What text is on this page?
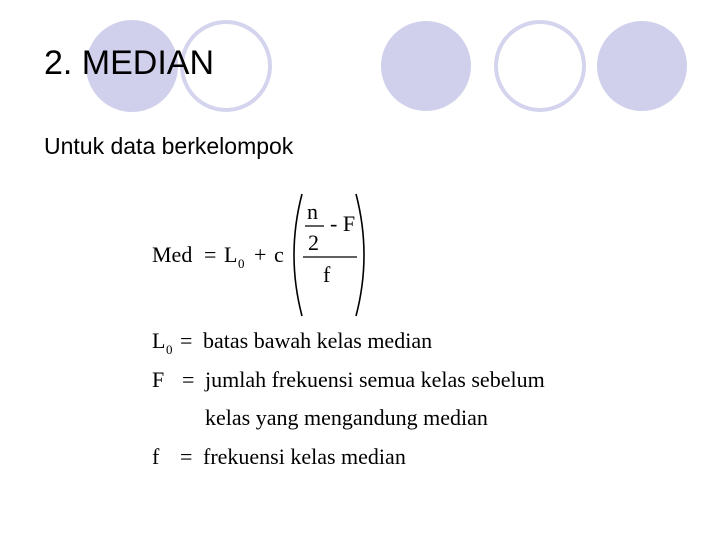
2. MEDIAN
Untuk data berkelompok
Med = L 0 + c
n
2
- F
f
L 0 = batas bawah kelas median
F = jumlah frekuensi semua kelas sebelum
kelas yang mengandung median
f = frekuensi kelas median
